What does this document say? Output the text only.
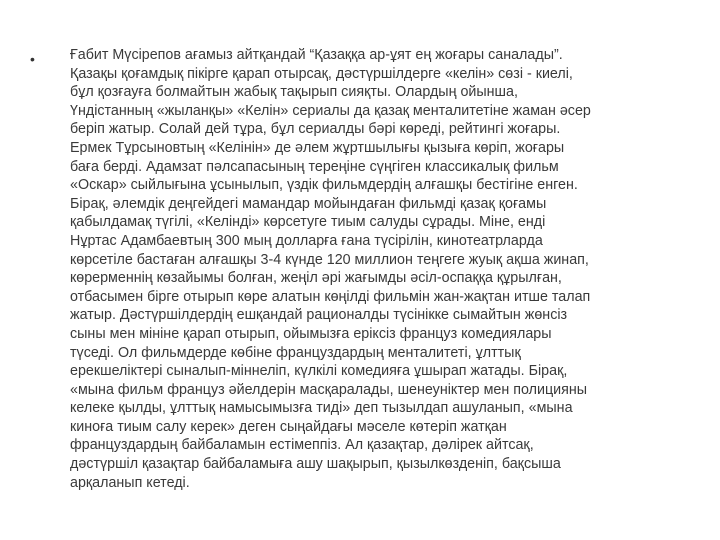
• Ғабит Мүсірепов ағамыз айтқандай “Қазаққа ар-ұят ең жоғары саналады”.
Қазақы қоғамдық пікірге қарап отырсақ, дәстүршілдерге «келін» сөзі - киелі,
бұл қозғауға болмайтын жабық тақырып сияқты. Олардың ойынша,
Үндістанның «жыланқы» «Келін» сериалы да қазақ менталитетіне жаман әсер
беріп жатыр. Солай дей тұра, бұл сериалды бәрі көреді, рейтингі жоғары.
Ермек Тұрсыновтың «Келінін» де әлем жұртшылығы қызыға көріп, жоғары
баға берді. Адамзат пәлсапасының тереңіне сүңгіген классикалық фильм
«Оскар» сыйлығына ұсынылып, үздік фильмдердің алғашқы бестігіне енген.
Бірақ, әлемдік деңгейдегі мамандар мойындаған фильмді қазақ қоғамы
қабылдамақ түгілі, «Келінді» көрсетуге тиым салуды сұрады. Міне, енді
Нұртас Адамбаевтың 300 мың долларға ғана түсірілін, кинотеатрларда
көрсетіле бастаған алғашқы 3-4 күнде 120 миллион теңгеге жуық ақша жинап,
көрерменнің көзайымы болған, жеңіл әрі жағымды әсіл-оспаққа құрылған,
отбасымен бірге отырып көре алатын көңілді фильмін жан-жақтан итше талап
жатыр. Дәстүршілдердің ешқандай рационалды түсінікке сымайтын жөнсіз
сыны мен мініне қарап отырып, ойымызға еріксіз француз комедиялары
түседі. Ол фильмдерде көбіне француздардың менталитеті, ұлттық
ерекшеліктері сыналып-міннеліп, күлкілі комедияға ұшырап жатады. Бірақ,
«мына фильм француз әйелдерін масқаралады, шенеуніктер мен полицияны
келеке қылды, ұлттық намысымызға тиді» деп тызылдап ашуланып, «мына
киноға тиым салу керек» деген сыңайдағы мәселе көтеріп жатқан
француздардың байбаламын естімеппіз. Ал қазақтар, дәлірек айтсақ,
дәстүршіл қазақтар байбаламыға ашу шақырып, қызылкөзденіп, бақсыша
арқаланып кетеді.
